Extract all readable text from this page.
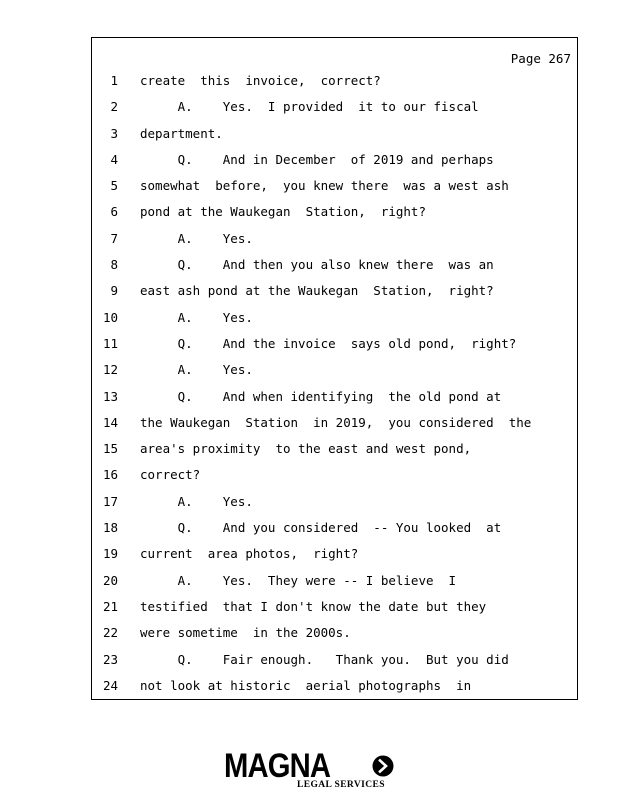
Page 267
1 create  this  invoice,  correct?
2 A.    Yes.  I provided  it to our fiscal
3 department.
4 Q.    And in December  of 2019 and perhaps
5 somewhat  before,  you knew there  was a west ash
6 pond at the Waukegan  Station,  right?
7 A.    Yes.
8 Q.    And then you also knew there  was an
9 east ash pond at the Waukegan  Station,  right?
10 A.    Yes.
11 Q.    And the invoice  says old pond,  right?
12 A.    Yes.
13 Q.    And when identifying  the old pond at
14 the Waukegan  Station  in 2019,  you considered  the
15 area's proximity  to the east and west pond,
16 correct?
17 A.    Yes.
18 Q.    And you considered  -- You looked  at
19 current  area photos,  right?
20 A.    Yes.  They were -- I believe  I
21 testified  that I don't know the date but they
22 were sometime  in the 2000s.
23 Q.    Fair enough.   Thank you.  But you did
24 not look at historic  aerial photographs  in
MAGNA
LEGAL SERVICES
